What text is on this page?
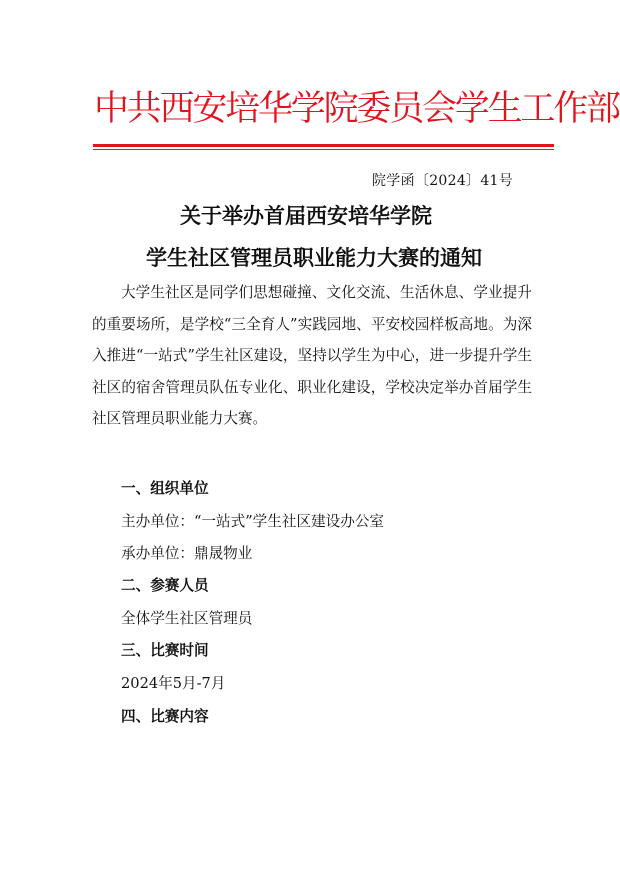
中共西安培华学院委员会学生工作部
院学函〔2024〕41号
关于举办首届西安培华学院
学生社区管理员职业能力大赛的通知

大学生社区是同学们思想碰撞、文化交流、生活休息、学业提升的重要场所，是学校“三全育人”实践园地、平安校园样板高地。为深入推进“一站式”学生社区建设，坚持以学生为中心，进一步提升学生社区的宿舍管理员队伍专业化、职业化建设，学校决定举办首届学生社区管理员职业能力大赛。

一、组织单位
主办单位：“一站式”学生社区建设办公室
承办单位：鼎晟物业
二、参赛人员
全体学生社区管理员
三、比赛时间
2024年5月-7月
四、比赛内容
